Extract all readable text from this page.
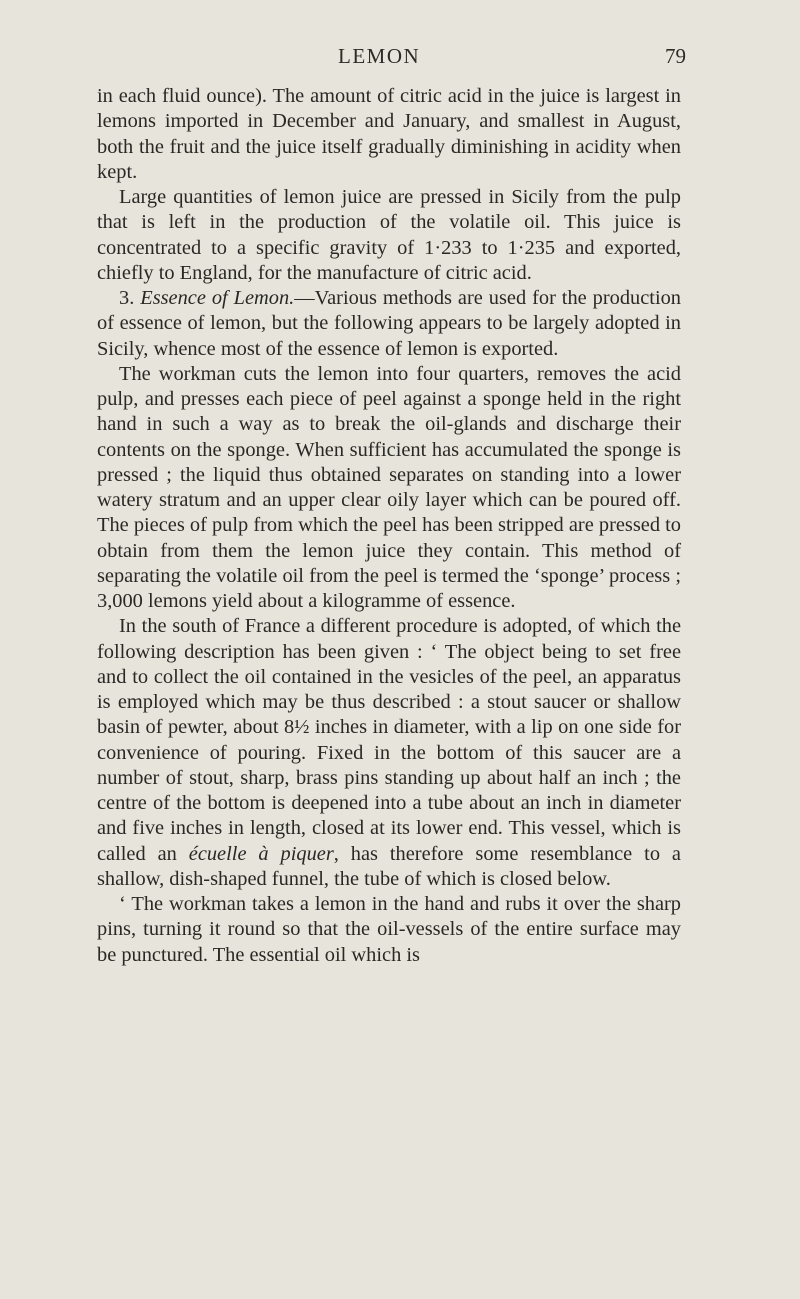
LEMON	79

in each fluid ounce). The amount of citric acid in the juice is largest in lemons imported in December and January, and smallest in August, both the fruit and the juice itself gradually diminishing in acidity when kept.

Large quantities of lemon juice are pressed in Sicily from the pulp that is left in the production of the volatile oil. This juice is concentrated to a specific gravity of 1·233 to 1·235 and exported, chiefly to England, for the manufacture of citric acid.

3. Essence of Lemon.—Various methods are used for the production of essence of lemon, but the following appears to be largely adopted in Sicily, whence most of the essence of lemon is exported.

The workman cuts the lemon into four quarters, removes the acid pulp, and presses each piece of peel against a sponge held in the right hand in such a way as to break the oil-glands and discharge their contents on the sponge. When sufficient has accumulated the sponge is pressed ; the liquid thus obtained separates on standing into a lower watery stratum and an upper clear oily layer which can be poured off. The pieces of pulp from which the peel has been stripped are pressed to obtain from them the lemon juice they contain. This method of separating the volatile oil from the peel is termed the ‘sponge’ process ; 3,000 lemons yield about a kilogramme of essence.

In the south of France a different procedure is adopted, of which the following description has been given : ‘ The object being to set free and to collect the oil contained in the vesicles of the peel, an apparatus is employed which may be thus described : a stout saucer or shallow basin of pewter, about 8½ inches in diameter, with a lip on one side for convenience of pouring. Fixed in the bottom of this saucer are a number of stout, sharp, brass pins standing up about half an inch ; the centre of the bottom is deepened into a tube about an inch in diameter and five inches in length, closed at its lower end. This vessel, which is called an écuelle à piquer, has therefore some resemblance to a shallow, dish-shaped funnel, the tube of which is closed below.

‘ The workman takes a lemon in the hand and rubs it over the sharp pins, turning it round so that the oil-vessels of the entire surface may be punctured. The essential oil which is
